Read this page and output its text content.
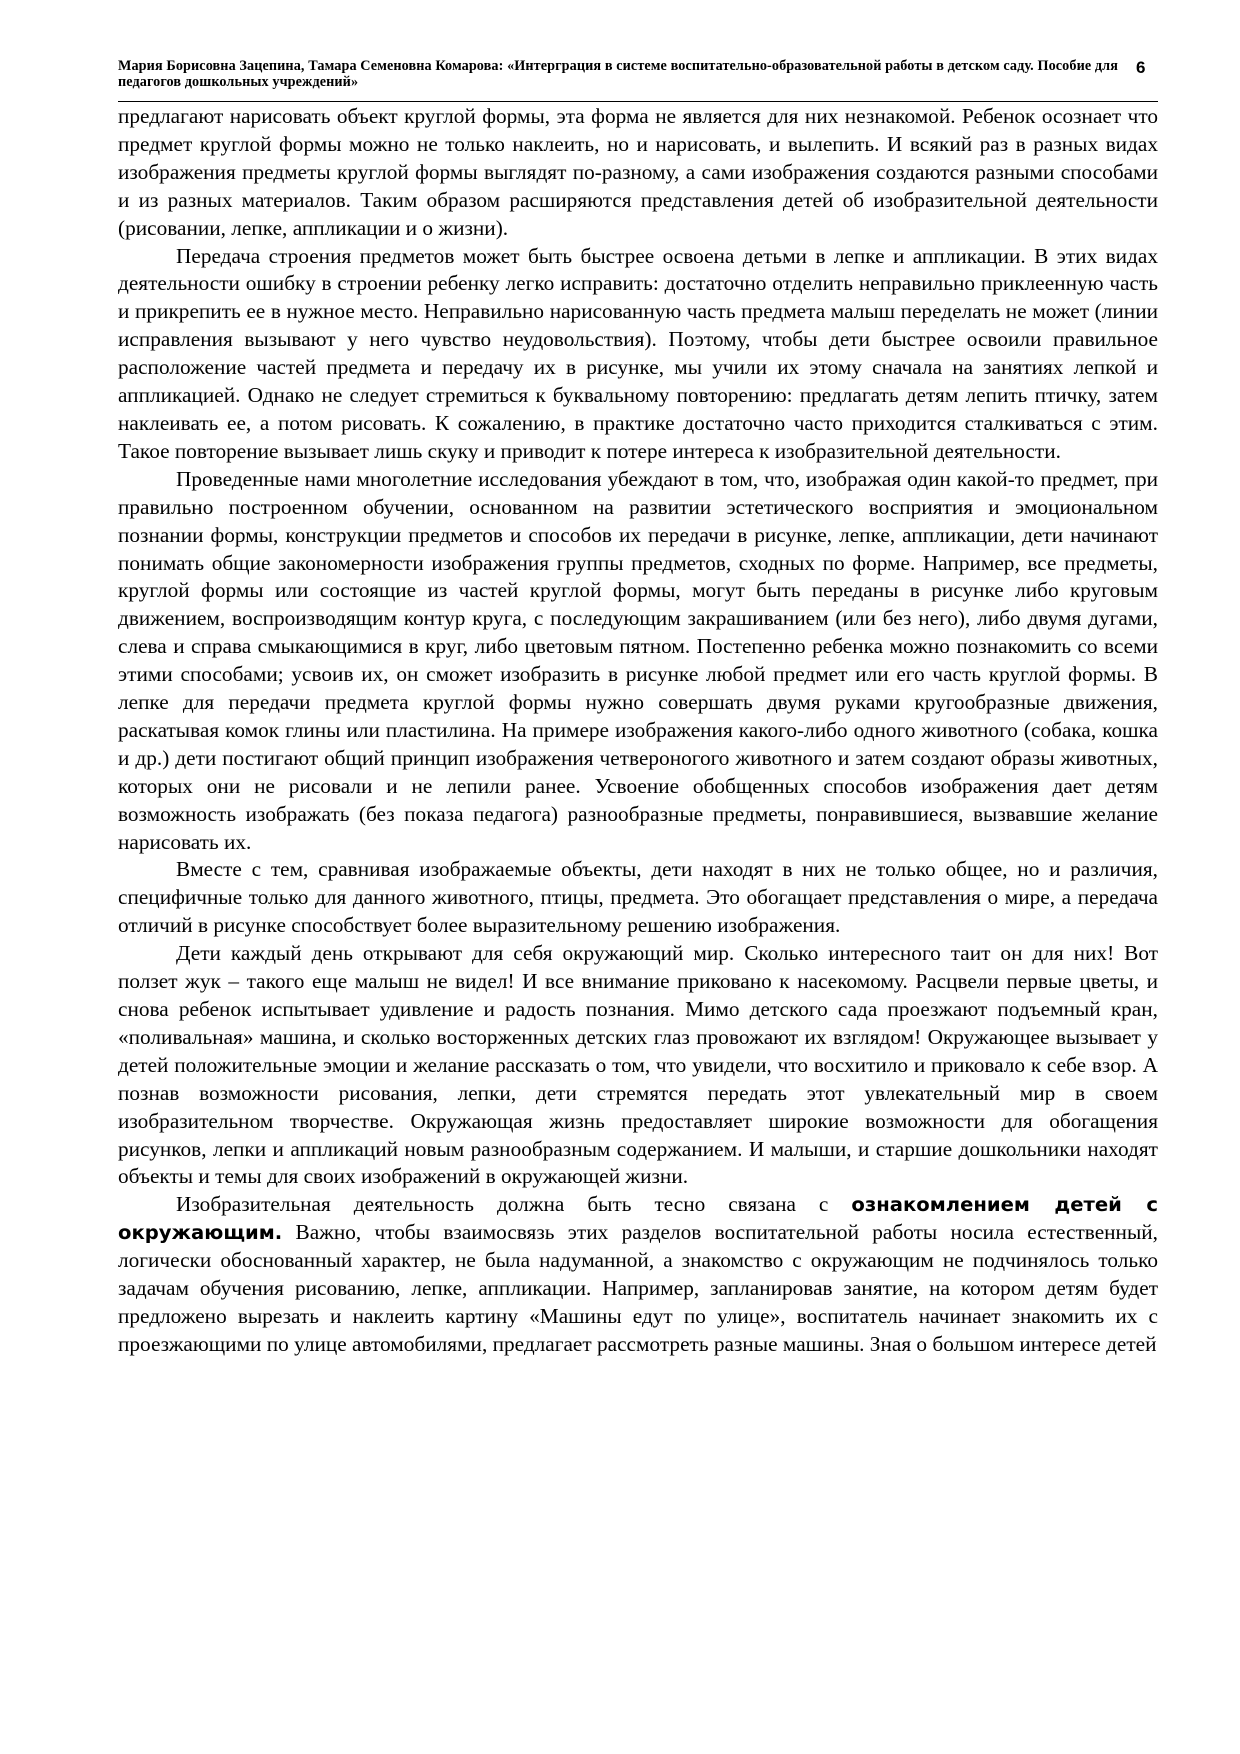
Мария Борисовна Зацепина, Тамара Семеновна Комарова: «Интерграция в системе воспитательно-образовательной работы в детском саду. Пособие для педагогов дошкольных учреждений»
6

предлагают нарисовать объект круглой формы, эта форма не является для них незнакомой. Ребенок осознает что предмет круглой формы можно не только наклеить, но и нарисовать, и вылепить. И всякий раз в разных видах изображения предметы круглой формы выглядят по-разному, а сами изображения создаются разными способами и из разных материалов. Таким образом расширяются представления детей об изобразительной деятельности (рисовании, лепке, аппликации и о жизни).

Передача строения предметов может быть быстрее освоена детьми в лепке и аппликации. В этих видах деятельности ошибку в строении ребенку легко исправить: достаточно отделить неправильно приклеенную часть и прикрепить ее в нужное место. Неправильно нарисованную часть предмета малыш переделать не может (линии исправления вызывают у него чувство неудовольствия). Поэтому, чтобы дети быстрее освоили правильное расположение частей предмета и передачу их в рисунке, мы учили их этому сначала на занятиях лепкой и аппликацией. Однако не следует стремиться к буквальному повторению: предлагать детям лепить птичку, затем наклеивать ее, а потом рисовать. К сожалению, в практике достаточно часто приходится сталкиваться с этим. Такое повторение вызывает лишь скуку и приводит к потере интереса к изобразительной деятельности.

Проведенные нами многолетние исследования убеждают в том, что, изображая один какой-то предмет, при правильно построенном обучении, основанном на развитии эстетического восприятия и эмоциональном познании формы, конструкции предметов и способов их передачи в рисунке, лепке, аппликации, дети начинают понимать общие закономерности изображения группы предметов, сходных по форме. Например, все предметы, круглой формы или состоящие из частей круглой формы, могут быть переданы в рисунке либо круговым движением, воспроизводящим контур круга, с последующим закрашиванием (или без него), либо двумя дугами, слева и справа смыкающимися в круг, либо цветовым пятном. Постепенно ребенка можно познакомить со всеми этими способами; усвоив их, он сможет изобразить в рисунке любой предмет или его часть круглой формы. В лепке для передачи предмета круглой формы нужно совершать двумя руками кругообразные движения, раскатывая комок глины или пластилина. На примере изображения какого-либо одного животного (собака, кошка и др.) дети постигают общий принцип изображения четвероногого животного и затем создают образы животных, которых они не рисовали и не лепили ранее. Усвоение обобщенных способов изображения дает детям возможность изображать (без показа педагога) разнообразные предметы, понравившиеся, вызвавшие желание нарисовать их.

Вместе с тем, сравнивая изображаемые объекты, дети находят в них не только общее, но и различия, специфичные только для данного животного, птицы, предмета. Это обогащает представления о мире, а передача отличий в рисунке способствует более выразительному решению изображения.

Дети каждый день открывают для себя окружающий мир. Сколько интересного таит он для них! Вот ползет жук – такого еще малыш не видел! И все внимание приковано к насекомому. Расцвели первые цветы, и снова ребенок испытывает удивление и радость познания. Мимо детского сада проезжают подъемный кран, «поливальная» машина, и сколько восторженных детских глаз провожают их взглядом! Окружающее вызывает у детей положительные эмоции и желание рассказать о том, что увидели, что восхитило и приковало к себе взор. А познав возможности рисования, лепки, дети стремятся передать этот увлекательный мир в своем изобразительном творчестве. Окружающая жизнь предоставляет широкие возможности для обогащения рисунков, лепки и аппликаций новым разнообразным содержанием. И малыши, и старшие дошкольники находят объекты и темы для своих изображений в окружающей жизни.

Изобразительная деятельность должна быть тесно связана с ознакомлением детей с окружающим. Важно, чтобы взаимосвязь этих разделов воспитательной работы носила естественный, логически обоснованный характер, не была надуманной, а знакомство с окружающим не подчинялось только задачам обучения рисованию, лепке, аппликации. Например, запланировав занятие, на котором детям будет предложено вырезать и наклеить картину «Машины едут по улице», воспитатель начинает знакомить их с проезжающими по улице автомобилями, предлагает рассмотреть разные машины. Зная о большом интересе детей
